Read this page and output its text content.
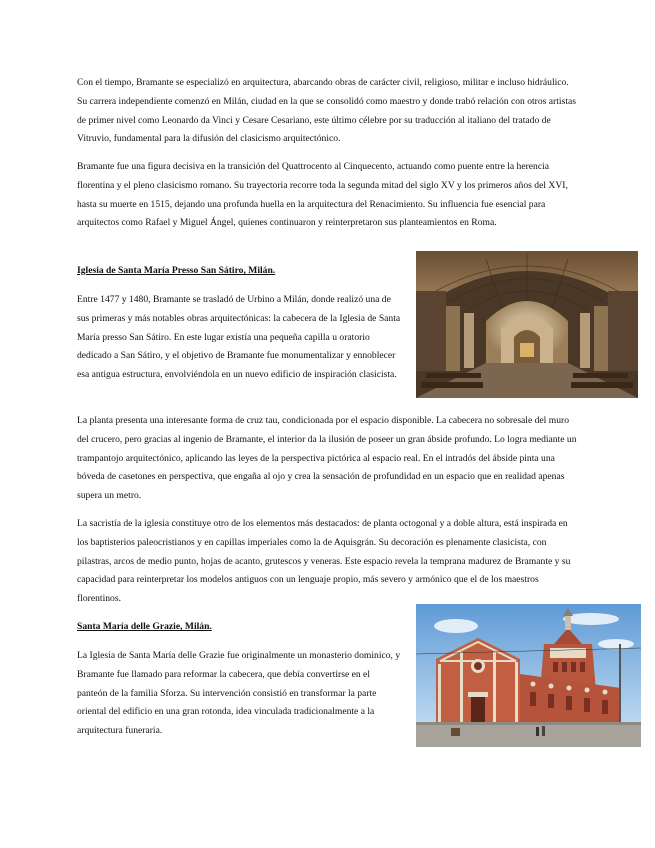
Con el tiempo, Bramante se especializó en arquitectura, abarcando obras de carácter civil, religioso, militar e incluso hidráulico. Su carrera independiente comenzó en Milán, ciudad en la que se consolidó como maestro y donde trabó relación con otros artistas de primer nivel como Leonardo da Vinci y Cesare Cesariano, este último célebre por su traducción al italiano del tratado de Vitruvio, fundamental para la difusión del clasicismo arquitectónico.

Bramante fue una figura decisiva en la transición del Quattrocento al Cinquecento, actuando como puente entre la herencia florentina y el pleno clasicismo romano. Su trayectoria recorre toda la segunda mitad del siglo XV y los primeros años del XVI, hasta su muerte en 1515, dejando una profunda huella en la arquitectura del Renacimiento. Su influencia fue esencial para arquitectos como Rafael y Miguel Ángel, quienes continuaron y reinterpretaron sus planteamientos en Roma.

Iglesia de Santa María Presso San Sátiro, Milán.

Entre 1477 y 1480, Bramante se trasladó de Urbino a Milán, donde realizó una de sus primeras y más notables obras arquitectónicas: la cabecera de la Iglesia de Santa María presso San Sátiro. En este lugar existía una pequeña capilla u oratorio dedicado a San Sátiro, y el objetivo de Bramante fue monumentalizar y ennoblecer esa antigua estructura, envolviéndola en un nuevo edificio de inspiración clasicista.

La planta presenta una interesante forma de cruz tau, condicionada por el espacio disponible. La cabecera no sobresale del muro del crucero, pero gracias al ingenio de Bramante, el interior da la ilusión de poseer un gran ábside profundo. Lo logra mediante un trampantojo arquitectónico, aplicando las leyes de la perspectiva pictórica al espacio real. En el intradós del ábside pinta una bóveda de casetones en perspectiva, que engaña al ojo y crea la sensación de profundidad en un espacio que en realidad apenas supera un metro.

La sacristía de la iglesia constituye otro de los elementos más destacados: de planta octogonal y a doble altura, está inspirada en los baptisterios paleocristianos y en capillas imperiales como la de Aquisgrán. Su decoración es plenamente clasicista, con pilastras, arcos de medio punto, hojas de acanto, grutescos y veneras. Este espacio revela la temprana madurez de Bramante y su capacidad para reinterpretar los modelos antiguos con un lenguaje propio, más severo y armónico que el de los maestros florentinos.

Santa María delle Grazie, Milán.

La Iglesia de Santa María delle Grazie fue originalmente un monasterio dominico, y Bramante fue llamado para reformar la cabecera, que debía convertirse en el panteón de la familia Sforza. Su intervención consistió en transformar la parte oriental del edificio en una gran rotonda, idea vinculada tradicionalmente a la arquitectura funeraria.
